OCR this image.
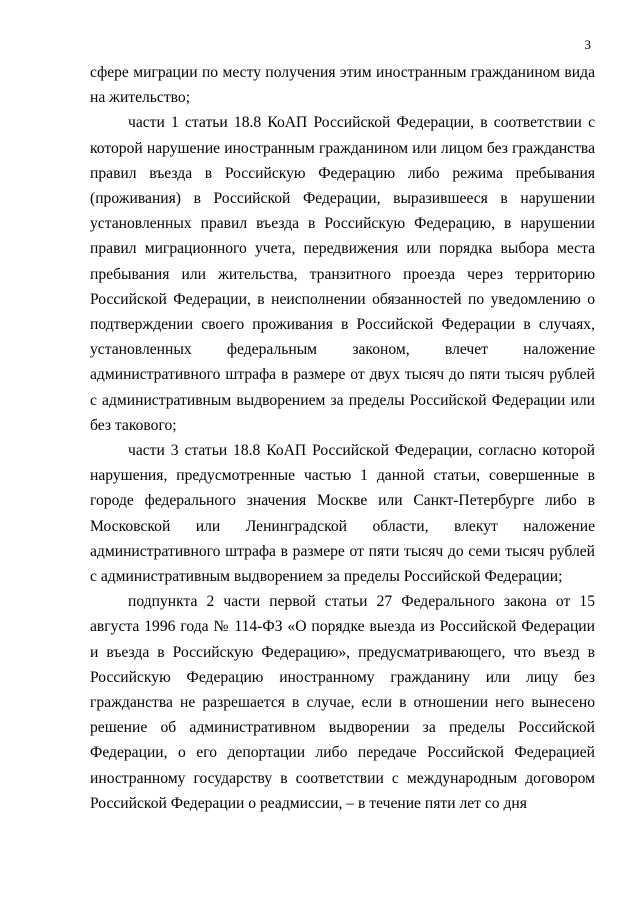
3

сфере миграции по месту получения этим иностранным гражданином вида на жительство;

части 1 статьи 18.8 КоАП Российской Федерации, в соответствии с которой нарушение иностранным гражданином или лицом без гражданства правил въезда в Российскую Федерацию либо режима пребывания (проживания) в Российской Федерации, выразившееся в нарушении установленных правил въезда в Российскую Федерацию, в нарушении правил миграционного учета, передвижения или порядка выбора места пребывания или жительства, транзитного проезда через территорию Российской Федерации, в неисполнении обязанностей по уведомлению о подтверждении своего проживания в Российской Федерации в случаях, установленных федеральным законом, влечет наложение административного штрафа в размере от двух тысяч до пяти тысяч рублей с административным выдворением за пределы Российской Федерации или без такового;

части 3 статьи 18.8 КоАП Российской Федерации, согласно которой нарушения, предусмотренные частью 1 данной статьи, совершенные в городе федерального значения Москве или Санкт-Петербурге либо в Московской или Ленинградской области, влекут наложение административного штрафа в размере от пяти тысяч до семи тысяч рублей с административным выдворением за пределы Российской Федерации;

подпункта 2 части первой статьи 27 Федерального закона от 15 августа 1996 года № 114-ФЗ «О порядке выезда из Российской Федерации и въезда в Российскую Федерацию», предусматривающего, что въезд в Российскую Федерацию иностранному гражданину или лицу без гражданства не разрешается в случае, если в отношении него вынесено решение об административном выдворении за пределы Российской Федерации, о его депортации либо передаче Российской Федерацией иностранному государству в соответствии с международным договором Российской Федерации о реадмиссии, – в течение пяти лет со дня
